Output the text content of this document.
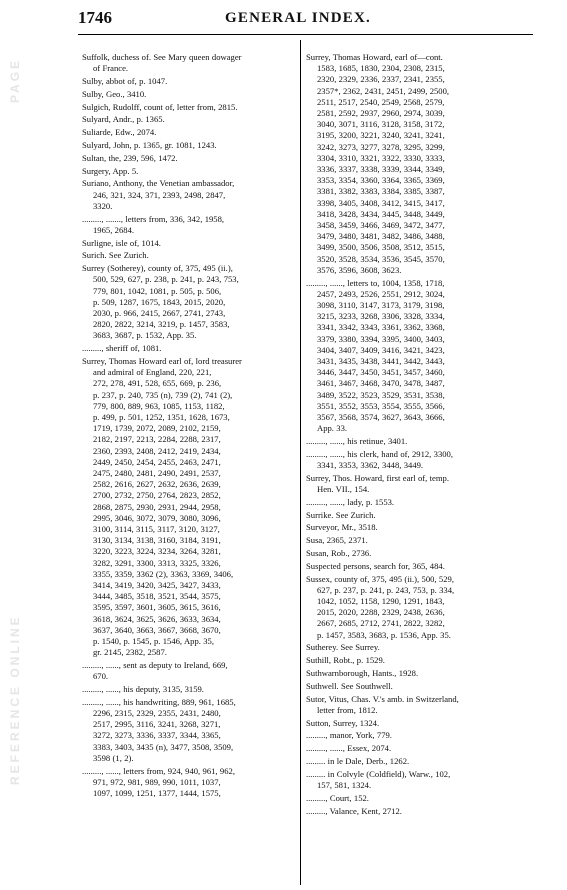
REFERENCE ONLINE
PAGE
1746	GENERAL INDEX.
Suffolk, duchess of. See Mary queen dowager
of France.
Sulby, abbot of, p. 1047.
Sulby, Geo., 3410.
Sulgich, Rudolff, count of, letter from, 2815.
Sulyard, Andr., p. 1365.
Suliarde, Edw., 2074.
Sulyard, John, p. 1365, gr. 1081, 1243.
Sultan, the, 239, 596, 1472.
Surgery, App. 5.
Suriano, Anthony, the Venetian ambassador,
246, 321, 324, 371, 2393, 2498, 2847,
3320.
........., ......., letters from, 336, 342, 1958,
1965, 2684.
Surligne, isle of, 1014.
Surich. See Zurich.
Surrey (Sotherey), county of, 375, 495 (ii.),
500, 529, 627, p. 238, p. 241, p. 243, 753,
779, 801, 1042, 1081, p. 505, p. 506,
p. 509, 1287, 1675, 1843, 2015, 2020,
2030, p. 966, 2415, 2667, 2741, 2743,
2820, 2822, 3214, 3219, p. 1457, 3583,
3683, 3687, p. 1532, App. 35.
........., sheriff of, 1081.
Surrey, Thomas Howard earl of, lord treasurer
and admiral of England, 220, 221,
272, 278, 491, 528, 655, 669, p. 236,
p. 237, p. 240, 735 (n), 739 (2), 741 (2),
779, 800, 889, 963, 1085, 1153, 1182,
p. 499, p. 501, 1252, 1351, 1628, 1673,
1719, 1739, 2072, 2089, 2102, 2159,
2182, 2197, 2213, 2284, 2288, 2317,
2360, 2393, 2408, 2412, 2419, 2434,
2449, 2450, 2454, 2455, 2463, 2471,
2475, 2480, 2481, 2490, 2491, 2537,
2582, 2616, 2627, 2632, 2636, 2639,
2700, 2732, 2750, 2764, 2823, 2852,
2868, 2875, 2930, 2931, 2944, 2958,
2995, 3046, 3072, 3079, 3080, 3096,
3100, 3114, 3115, 3117, 3120, 3127,
3130, 3134, 3138, 3160, 3184, 3191,
3220, 3223, 3224, 3234, 3264, 3281,
3282, 3291, 3300, 3313, 3325, 3326,
3355, 3359, 3362 (2), 3363, 3369, 3406,
3414, 3419, 3420, 3425, 3427, 3433,
3444, 3485, 3518, 3521, 3544, 3575,
3595, 3597, 3601, 3605, 3615, 3616,
3618, 3624, 3625, 3626, 3633, 3634,
3637, 3640, 3663, 3667, 3668, 3670,
p. 1540, p. 1545, p. 1546, App. 35,
gr. 2145, 2382, 2587.
........., ......, sent as deputy to Ireland, 669,
670.
........., ......, his deputy, 3135, 3159.
........., ......, his handwriting, 889, 961, 1685,
2296, 2315, 2329, 2355, 2431, 2480,
2517, 2995, 3116, 3241, 3268, 3271,
3272, 3273, 3336, 3337, 3344, 3365,
3383, 3403, 3435 (n), 3477, 3508, 3509,
3598 (1, 2).
........., ......, letters from, 924, 940, 961, 962,
971, 972, 981, 989, 990, 1011, 1037,
1097, 1099, 1251, 1377, 1444, 1575,
Surrey, Thomas Howard, earl of—cont.
1583, 1685, 1830, 2304, 2308, 2315,
2320, 2329, 2336, 2337, 2341, 2355,
2357*, 2362, 2431, 2451, 2499, 2500,
2511, 2517, 2540, 2549, 2568, 2579,
2581, 2592, 2937, 2960, 2974, 3039,
3040, 3071, 3116, 3128, 3158, 3172,
3195, 3200, 3221, 3240, 3241, 3241,
3242, 3273, 3277, 3278, 3295, 3299,
3304, 3310, 3321, 3322, 3330, 3333,
3336, 3337, 3338, 3339, 3344, 3349,
3353, 3354, 3360, 3364, 3365, 3369,
3381, 3382, 3383, 3384, 3385, 3387,
3398, 3405, 3408, 3412, 3415, 3417,
3418, 3428, 3434, 3445, 3448, 3449,
3458, 3459, 3466, 3469, 3472, 3477,
3479, 3480, 3481, 3482, 3486, 3488,
3499, 3500, 3506, 3508, 3512, 3515,
3520, 3528, 3534, 3536, 3545, 3570,
3576, 3596, 3608, 3623.
........., ......, letters to, 1004, 1358, 1718,
2457, 2493, 2526, 2551, 2912, 3024,
3098, 3110, 3147, 3173, 3179, 3198,
3215, 3233, 3268, 3306, 3328, 3334,
3341, 3342, 3343, 3361, 3362, 3368,
3379, 3380, 3394, 3395, 3400, 3403,
3404, 3407, 3409, 3416, 3421, 3423,
3431, 3435, 3438, 3441, 3442, 3443,
3446, 3447, 3450, 3451, 3457, 3460,
3461, 3467, 3468, 3470, 3478, 3487,
3489, 3522, 3523, 3529, 3531, 3538,
3551, 3552, 3553, 3554, 3555, 3566,
3567, 3568, 3574, 3627, 3643, 3666,
App. 33.
........., ......, his retinue, 3401.
........., ......, his clerk, hand of, 2912, 3300,
3341, 3353, 3362, 3448, 3449.
Surrey, Thos. Howard, first earl of, temp.
Hen. VII., 154.
........., ......, lady, p. 1553.
Surrike. See Zurich.
Surveyor, Mr., 3518.
Susa, 2365, 2371.
Susan, Rob., 2736.
Suspected persons, search for, 365, 484.
Sussex, county of, 375, 495 (ii.), 500, 529,
627, p. 237, p. 241, p. 243, 753, p. 334,
1042, 1052, 1158, 1290, 1291, 1843,
2015, 2020, 2288, 2329, 2438, 2636,
2667, 2685, 2712, 2741, 2822, 3282,
p. 1457, 3583, 3683, p. 1536, App. 35.
Sutherey. See Surrey.
Suthill, Robt., p. 1529.
Suthwarnborough, Hants., 1928.
Suthwell. See Southwell.
Sutor, Vitus, Chas. V.'s amb. in Switzerland,
letter from, 1812.
Sutton, Surrey, 1324.
........., manor, York, 779.
........., ......, Essex, 2074.
......... in le Dale, Derb., 1262.
......... in Colvyle (Coldfield), Warw., 102,
157, 581, 1324.
........., Court, 152.
........., Valance, Kent, 2712.
